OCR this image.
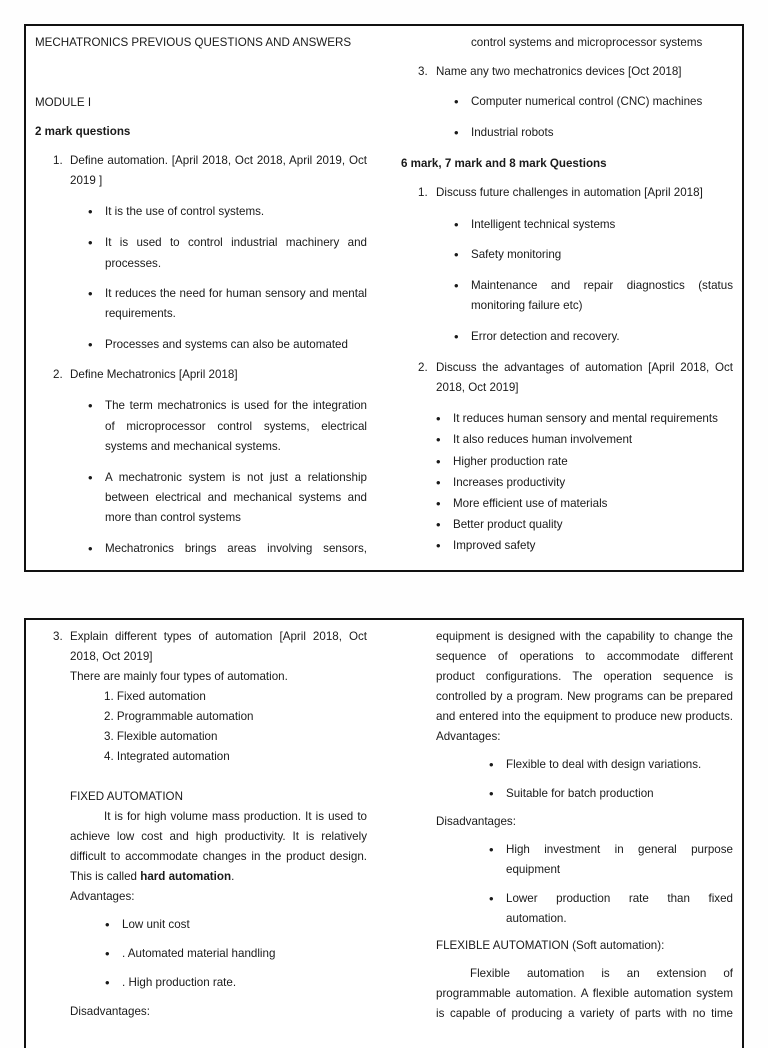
MECHATRONICS PREVIOUS QUESTIONS AND ANSWERS
MODULE I
2 mark questions
1. Define automation. [April 2018, Oct 2018, April 2019, Oct
2019 ]
• It is the use of control systems.
• It is used to control industrial machinery and
processes.
• It reduces the need for human sensory and mental
requirements.
• Processes and systems can also be automated
2. Define Mechatronics [April 2018]
• The term mechatronics is used for the integration
of microprocessor control systems, electrical
systems and mechanical systems.
• A mechatronic system is not just a relationship
between electrical and mechanical systems and
more than control systems
• Mechatronics brings areas involving sensors,
control systems and microprocessor systems
3. Name any two mechatronics devices [Oct 2018]
• Computer numerical control (CNC) machines
• Industrial robots
6 mark, 7 mark and 8 mark Questions
1. Discuss future challenges in automation [April 2018]
• Intelligent technical systems
• Safety monitoring
• Maintenance and repair diagnostics (status
monitoring failure etc)
• Error detection and recovery.
2. Discuss the advantages of automation [April 2018, Oct
2018, Oct 2019]
• It reduces human sensory and mental requirements
• It also reduces human involvement
• Higher production rate
• Increases productivity
• More efficient use of materials
• Better product quality
• Improved safety
3. Explain different types of automation [April 2018, Oct
2018, Oct 2019]
There are mainly four types of automation.
1. Fixed automation
2. Programmable automation
3. Flexible automation
4. Integrated automation
FIXED AUTOMATION
It is for high volume mass production. It is used to
achieve low cost and high productivity. It is relatively
difficult to accommodate changes in the product design.
This is called hard automation.
Advantages:
• Low unit cost
• . Automated material handling
• . High production rate.
Disadvantages:
equipment is designed with the capability to change the
sequence of operations to accommodate different
product configurations. The operation sequence is
controlled by a program. New programs can be prepared
and entered into the equipment to produce new products.
Advantages:
• Flexible to deal with design variations.
• Suitable for batch production
Disadvantages:
• High investment in general purpose
equipment
• Lower production rate than fixed
automation.
FLEXIBLE AUTOMATION (Soft automation):
Flexible automation is an extension of
programmable automation. A flexible automation system
is capable of producing a variety of parts with no time
